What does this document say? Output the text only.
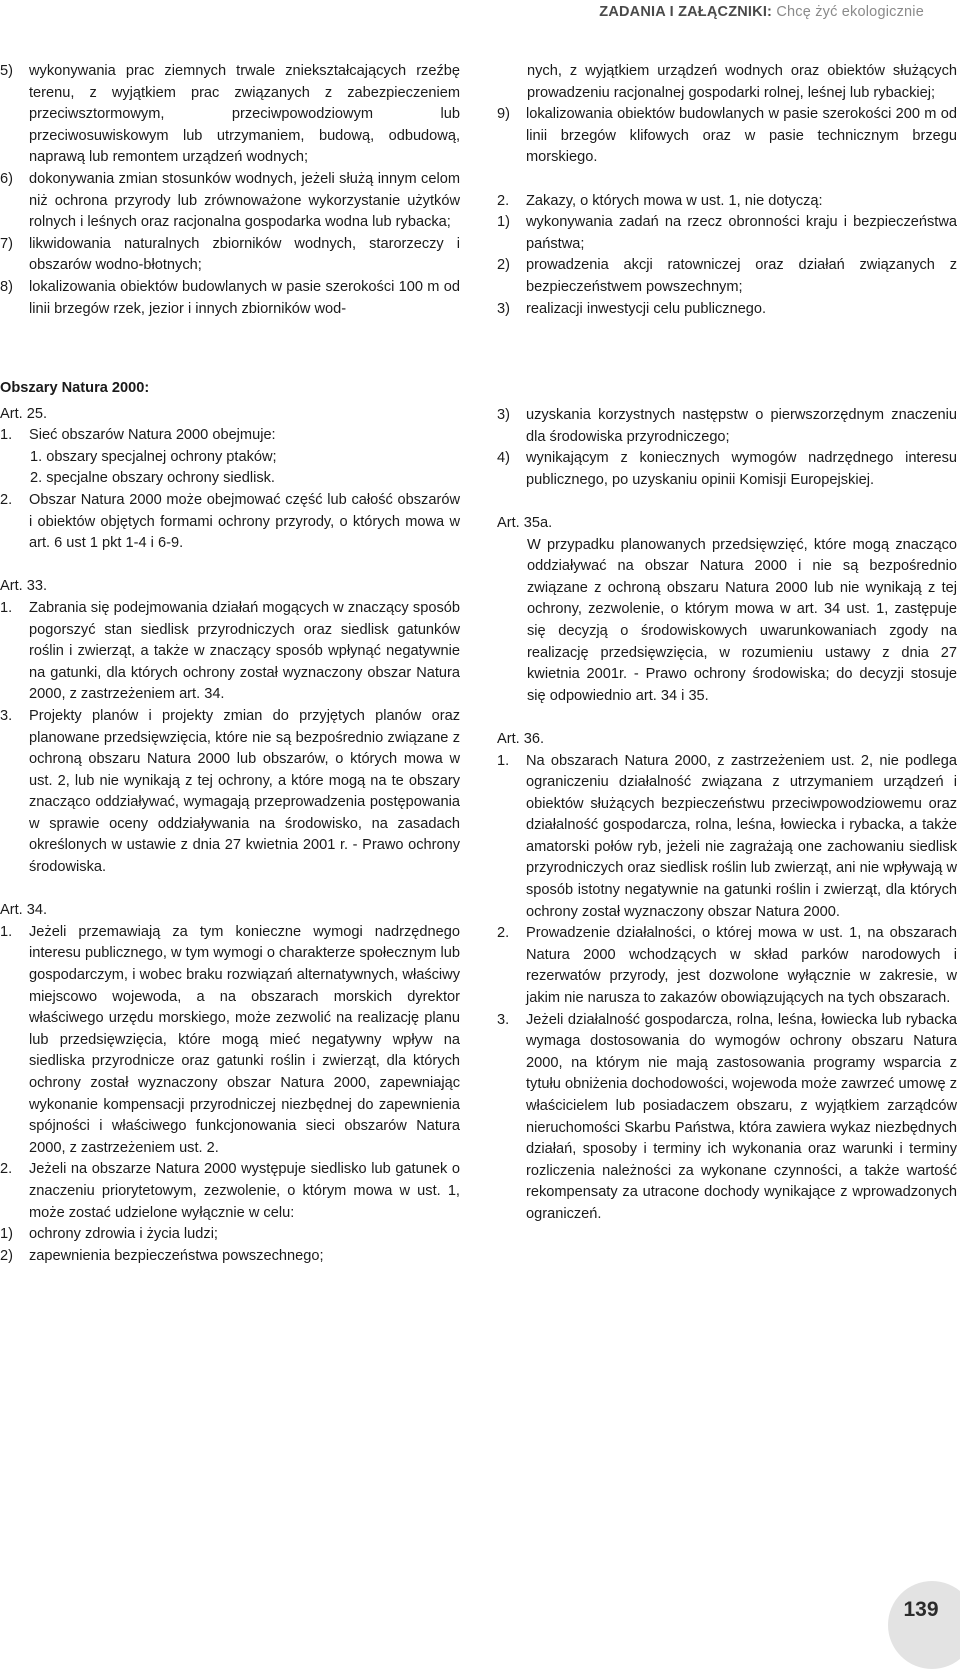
ZADANIA I ZAŁĄCZNIKI: Chcę żyć ekologicznie
5)	wykonywania prac ziemnych trwale zniekształcających rzeźbę terenu, z wyjątkiem prac związanych z zabezpieczeniem przeciwsztormowym, przeciwpowodziowym lub przeciwosuwiskowym lub utrzymaniem, budową, odbudową, naprawą lub remontem urządzeń wodnych;
6)	dokonywania zmian stosunków wodnych, jeżeli służą innym celom niż ochrona przyrody lub zrównoważone wykorzystanie użytków rolnych i leśnych oraz racjonalna gospodarka wodna lub rybacka;
7)	likwidowania naturalnych zbiorników wodnych, starorzeczy i obszarów wodno-błotnych;
8)	lokalizowania obiektów budowlanych w pasie szerokości 100 m od linii brzegów rzek, jezior i innych zbiorników wod-
nych, z wyjątkiem urządzeń wodnych oraz obiektów służących prowadzeniu racjonalnej gospodarki rolnej, leśnej lub rybackiej;
9)	lokalizowania obiektów budowlanych w pasie szerokości 200 m od linii brzegów klifowych oraz w pasie technicznym brzegu morskiego.
2.	Zakazy, o których mowa w ust. 1, nie dotyczą:
1)	wykonywania zadań na rzecz obronności kraju i bezpieczeństwa państwa;
2)	prowadzenia akcji ratowniczej oraz działań związanych z bezpieczeństwem powszechnym;
3)	realizacji inwestycji celu publicznego.
Obszary Natura 2000:
Art. 25.
1.	Sieć obszarów Natura 2000 obejmuje:
1. obszary specjalnej ochrony ptaków;
2. specjalne obszary ochrony siedlisk.
2.	Obszar Natura 2000 może obejmować część lub całość obszarów i obiektów objętych formami ochrony przyrody, o których mowa w art. 6 ust 1 pkt 1-4 i 6-9.
Art. 33.
1.	Zabrania się podejmowania działań mogących w znaczący sposób pogorszyć stan siedlisk przyrodniczych oraz siedlisk gatunków roślin i zwierząt, a także w znaczący sposób wpłynąć negatywnie na gatunki, dla których ochrony został wyznaczony obszar Natura 2000, z zastrzeżeniem art. 34.
3.	Projekty planów i projekty zmian do przyjętych planów oraz planowane przedsięwzięcia, które nie są bezpośrednio związane z ochroną obszaru Natura 2000 lub obszarów, o których mowa w ust. 2, lub nie wynikają z tej ochrony, a które mogą na te obszary znacząco oddziaływać, wymagają przeprowadzenia postępowania w sprawie oceny oddziaływania na środowisko, na zasadach określonych w ustawie z dnia 27 kwietnia 2001 r. - Prawo ochrony środowiska.
Art. 34.
1.	Jeżeli przemawiają za tym konieczne wymogi nadrzędnego interesu publicznego, w tym wymogi o charakterze społecznym lub gospodarczym, i wobec braku rozwiązań alternatywnych, właściwy miejscowo wojewoda, a na obszarach morskich dyrektor właściwego urzędu morskiego, może zezwolić na realizację planu lub przedsięwzięcia, które mogą mieć negatywny wpływ na siedliska przyrodnicze oraz gatunki roślin i zwierząt, dla których ochrony został wyznaczony obszar Natura 2000, zapewniając wykonanie kompensacji przyrodniczej niezbędnej do zapewnienia spójności i właściwego funkcjonowania sieci obszarów Natura 2000, z zastrzeżeniem ust. 2.
2.	Jeżeli na obszarze Natura 2000 występuje siedlisko lub gatunek o znaczeniu priorytetowym, zezwolenie, o którym mowa w ust. 1, może zostać udzielone wyłącznie w celu:
1)	ochrony zdrowia i życia ludzi;
2)	zapewnienia bezpieczeństwa powszechnego;
3)	uzyskania korzystnych następstw o pierwszorzędnym znaczeniu dla środowiska przyrodniczego;
4)	wynikającym z koniecznych wymogów nadrzędnego interesu publicznego, po uzyskaniu opinii Komisji Europejskiej.
Art. 35a.
W przypadku planowanych przedsięwzięć, które mogą znacząco oddziaływać na obszar Natura 2000 i nie są bezpośrednio związane z ochroną obszaru Natura 2000 lub nie wynikają z tej ochrony, zezwolenie, o którym mowa w art. 34 ust. 1, zastępuje się decyzją o środowiskowych uwarunkowaniach zgody na realizację przedsięwzięcia, w rozumieniu ustawy z dnia 27 kwietnia 2001r. - Prawo ochrony środowiska; do decyzji stosuje się odpowiednio art. 34 i 35.
Art. 36.
1.	Na obszarach Natura 2000, z zastrzeżeniem ust. 2, nie podlega ograniczeniu działalność związana z utrzymaniem urządzeń i obiektów służących bezpieczeństwu przeciwpowodziowemu oraz działalność gospodarcza, rolna, leśna, łowiecka i rybacka, a także amatorski połów ryb, jeżeli nie zagrażają one zachowaniu siedlisk przyrodniczych oraz siedlisk roślin lub zwierząt, ani nie wpływają w sposób istotny negatywnie na gatunki roślin i zwierząt, dla których ochrony został wyznaczony obszar Natura 2000.
2.	Prowadzenie działalności, o której mowa w ust. 1, na obszarach Natura 2000 wchodzących w skład parków narodowych i rezerwatów przyrody, jest dozwolone wyłącznie w zakresie, w jakim nie narusza to zakazów obowiązujących na tych obszarach.
3.	Jeżeli działalność gospodarcza, rolna, leśna, łowiecka lub rybacka wymaga dostosowania do wymogów ochrony obszaru Natura 2000, na którym nie mają zastosowania programy wsparcia z tytułu obniżenia dochodowości, wojewoda może zawrzeć umowę z właścicielem lub posiadaczem obszaru, z wyjątkiem zarządców nieruchomości Skarbu Państwa, która zawiera wykaz niezbędnych działań, sposoby i terminy ich wykonania oraz warunki i terminy rozliczenia należności za wykonane czynności, a także wartość rekompensaty za utracone dochody wynikające z wprowadzonych ograniczeń.
139
